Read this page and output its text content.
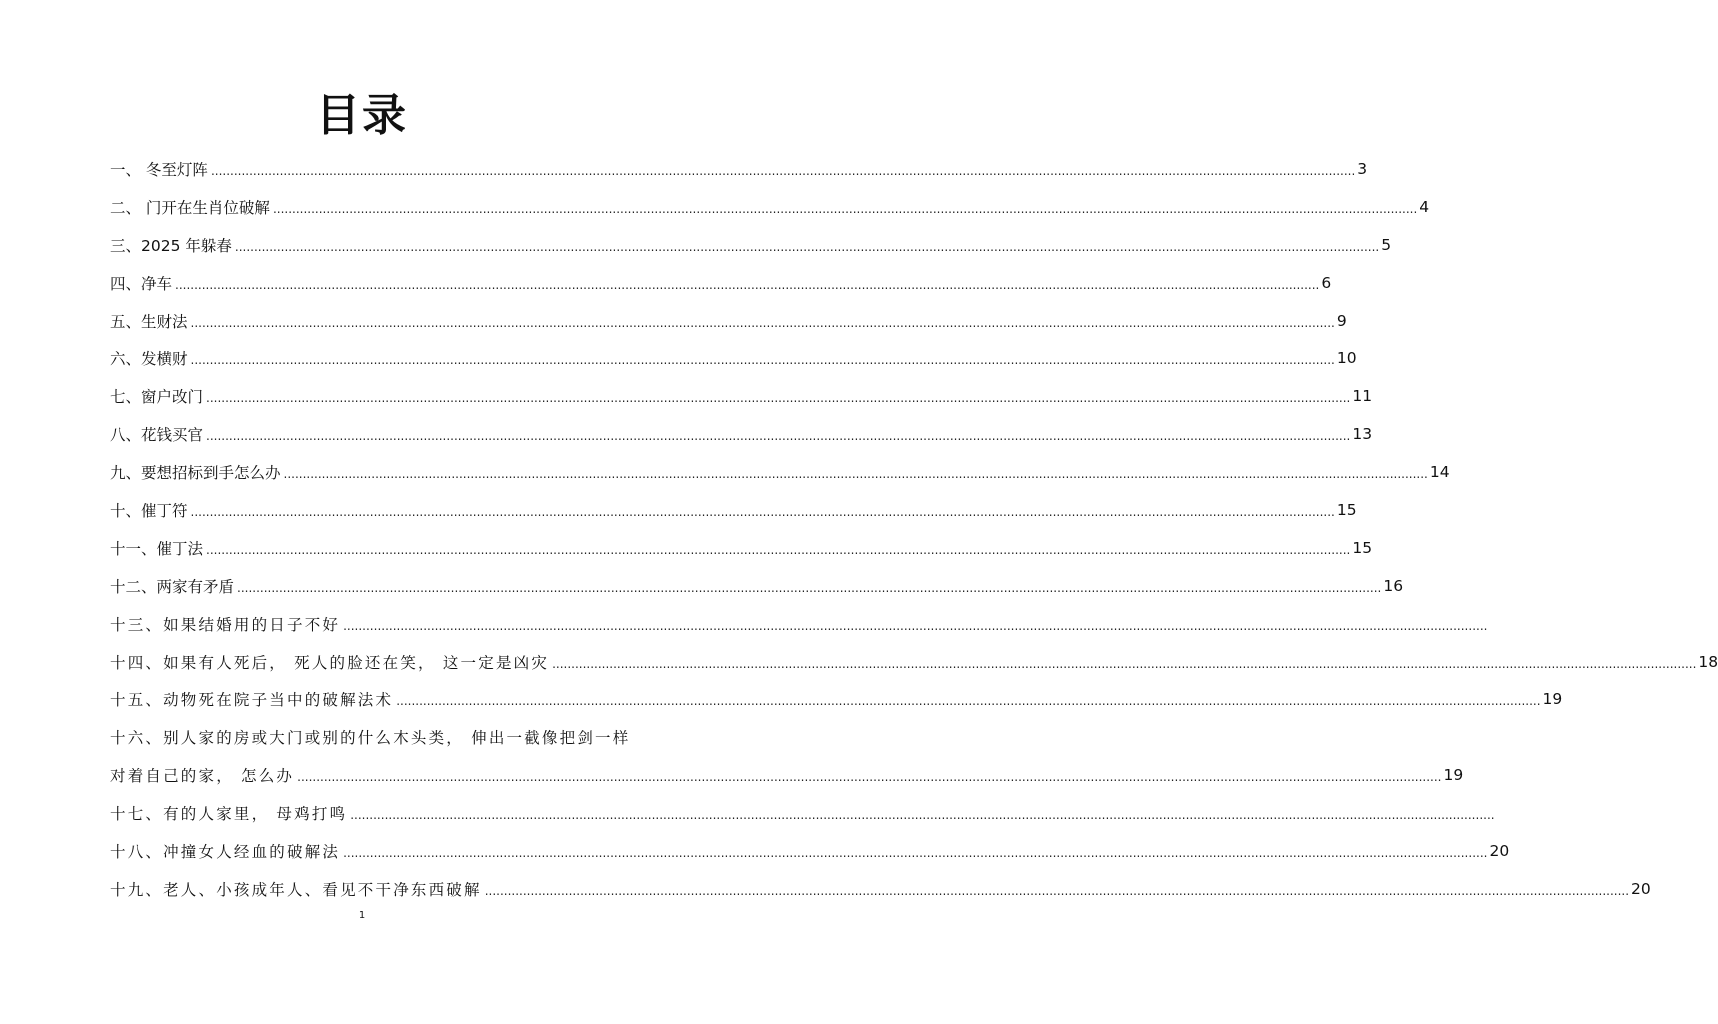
目录
一、 冬至灯阵 ............................................................................................................................................................................................................................................................................................................ 3
二、 门开在生肖位破解 ............................................................................................................................................................................................................................................................................................................ 4
三、2025 年躲春 ............................................................................................................................................................................................................................................................................................................ 5
四、净车 ............................................................................................................................................................................................................................................................................................................ 6
五、生财法 ............................................................................................................................................................................................................................................................................................................ 9
六、发横财 ............................................................................................................................................................................................................................................................................................................ 10
七、窗户改门 ............................................................................................................................................................................................................................................................................................................ 11
八、花钱买官 ............................................................................................................................................................................................................................................................................................................ 13
九、要想招标到手怎么办 ............................................................................................................................................................................................................................................................................................................ 14
十、催丁符 ............................................................................................................................................................................................................................................................................................................ 15
十一、催丁法 ............................................................................................................................................................................................................................................................................................................ 15
十二、两家有矛盾 ............................................................................................................................................................................................................................................................................................................ 16
十三、如果结婚用的日子不好 ............................................................................................................................................................................................................................................................................................................
十四、如果有人死后， 死人的脸还在笑， 这一定是凶灾 ............................................................................................................................................................................................................................................................................................................ 18
十五、动物死在院子当中的破解法术 ............................................................................................................................................................................................................................................................................................................ 19
十六、别人家的房或大门或别的什么木头类， 伸出一截像把剑一样
对着自己的家， 怎么办 ............................................................................................................................................................................................................................................................................................................ 19
十七、有的人家里， 母鸡打鸣 ............................................................................................................................................................................................................................................................................................................
十八、冲撞女人经血的破解法 ............................................................................................................................................................................................................................................................................................................ 20
十九、老人、小孩成年人、看见不干净东西破解 ............................................................................................................................................................................................................................................................................................................ 20
1
